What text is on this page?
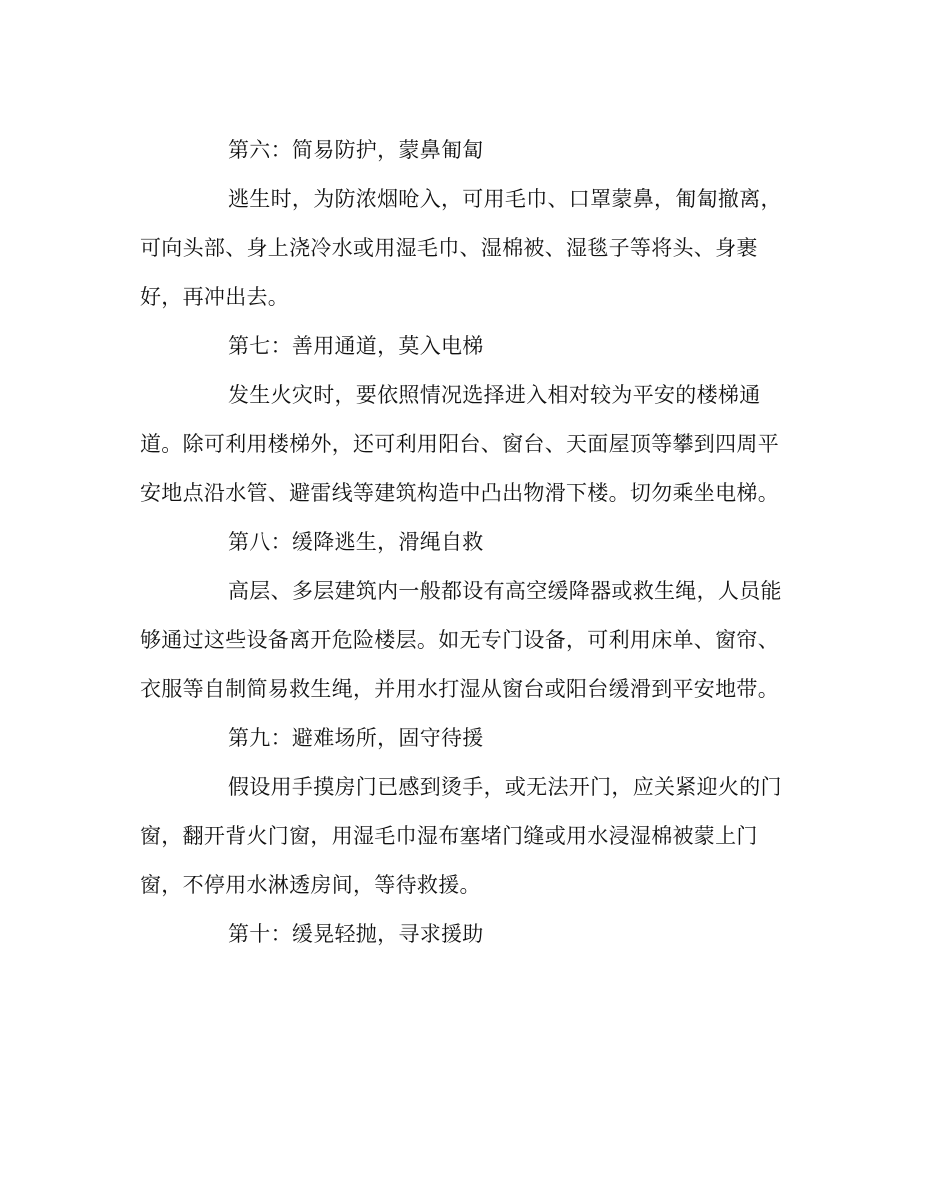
第六：简易防护，蒙鼻匍匐
逃生时，为防浓烟呛入，可用毛巾、口罩蒙鼻，匍匐撤离，
可向头部、身上浇冷水或用湿毛巾、湿棉被、湿毯子等将头、身裹
好，再冲出去。
第七：善用通道，莫入电梯
发生火灾时，要依照情况选择进入相对较为平安的楼梯通
道。除可利用楼梯外，还可利用阳台、窗台、天面屋顶等攀到四周平
安地点沿水管、避雷线等建筑构造中凸出物滑下楼。切勿乘坐电梯。
第八：缓降逃生，滑绳自救
高层、多层建筑内一般都设有高空缓降器或救生绳，人员能
够通过这些设备离开危险楼层。如无专门设备，可利用床单、窗帘、
衣服等自制简易救生绳，并用水打湿从窗台或阳台缓滑到平安地带。
第九：避难场所，固守待援
假设用手摸房门已感到烫手，或无法开门，应关紧迎火的门
窗，翻开背火门窗，用湿毛巾湿布塞堵门缝或用水浸湿棉被蒙上门
窗，不停用水淋透房间，等待救援。
第十：缓晃轻抛，寻求援助
